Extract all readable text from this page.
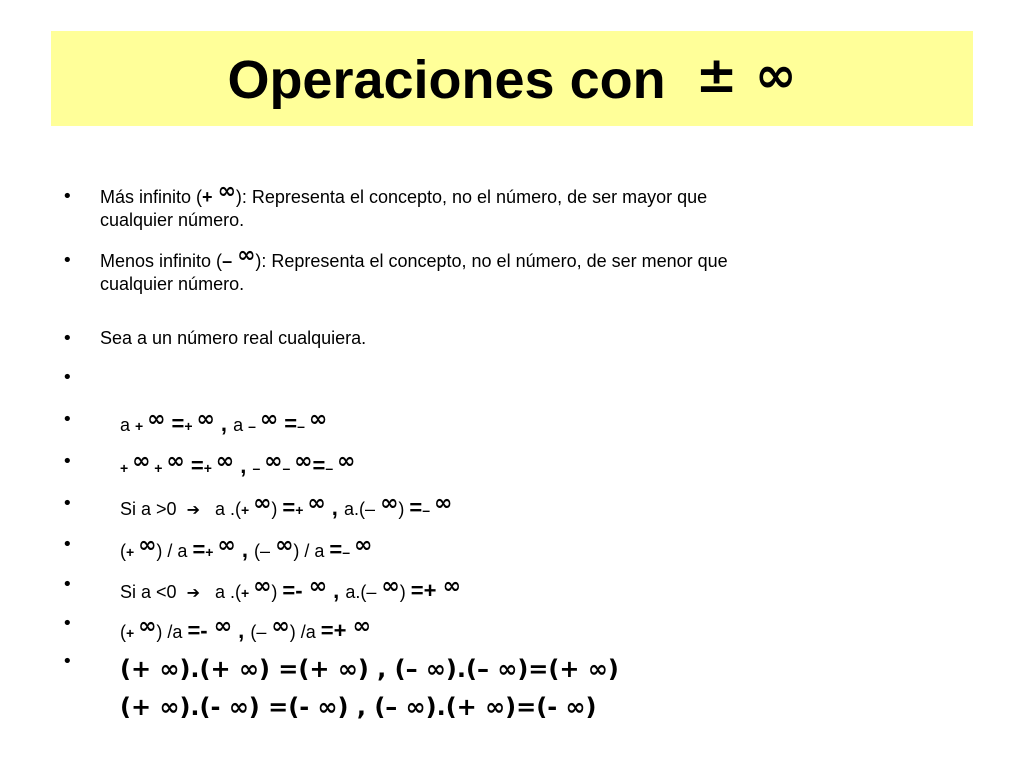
Operaciones con ± ∞
• Más infinito (+ ∞): Representa el concepto, no el número, de ser mayor que
cualquier número.
• Menos infinito (– ∞): Representa el concepto, no el número, de ser menor que
cualquier número.
• Sea a un número real cualquiera.

•

a + ∞ =+ ∞ , a – ∞ =– ∞

•

+ ∞ + ∞ =+ ∞ , – ∞– ∞=– ∞

•

Si a >0 ➔ a .(+ ∞) =+ ∞ , a.(– ∞) =– ∞

•

(+ ∞) / a =+ ∞ , (– ∞) / a =– ∞

•

Si a <0 ➔ a .(+ ∞) =- ∞ , a.(– ∞) =+ ∞

•

(+ ∞) /a =- ∞ , (– ∞) /a =+ ∞

•

(+ ∞).(+ ∞) =(+ ∞) , (– ∞).(– ∞)=(+ ∞)

•

(+ ∞).(- ∞) =(- ∞) , (– ∞).(+ ∞)=(- ∞)
